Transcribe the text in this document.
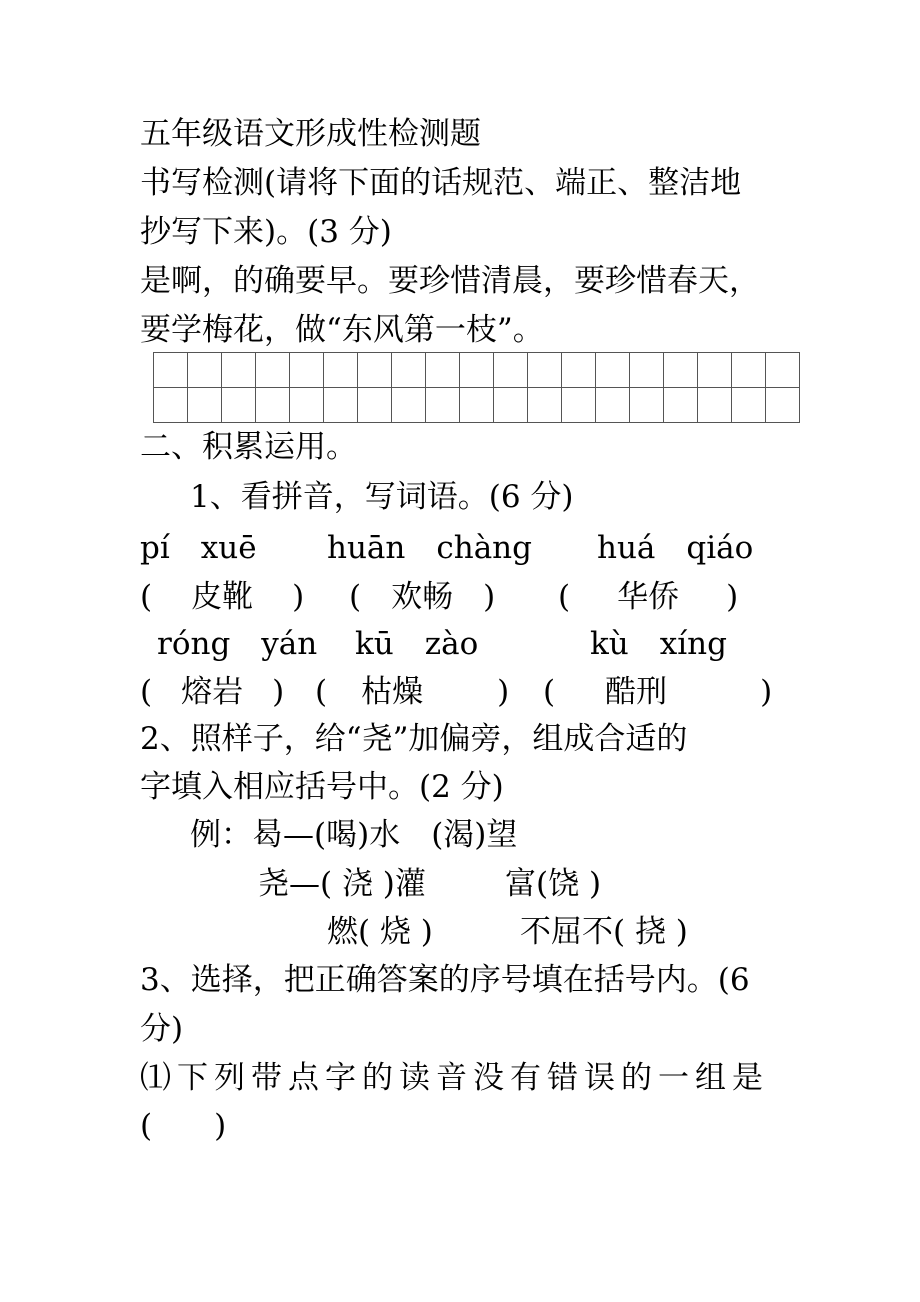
五年级语文形成性检测题
书写检测(请将下面的话规范、端正、整洁地
抄写下来)。(3 分)
是啊，的确要早。要珍惜清晨，要珍惜春天，
要学梅花，做“东风第一枝”。
二、积累运用。
1、看拼音，写词语。(6 分)
pí　xuē huān　chàng huá　qiáo
( 皮靴 ) ( 欢畅 ) ( 华侨 )
róng　yán kū　zào	kù　xíng
( 熔岩 ) ( 枯燥 ) ( 酷刑	)
2、照样子，给“尧”加偏旁，组成合适的
字填入相应括号中。(2 分)
例：曷—(喝)水　(渴)望
尧—( 浇 )灌	富(饶 )
燃( 烧 )	不屈不( 挠 )
3、选择，把正确答案的序号填在括号内。(6
分)
⑴下列带点字的读音没有错误的一组是
(　　)
